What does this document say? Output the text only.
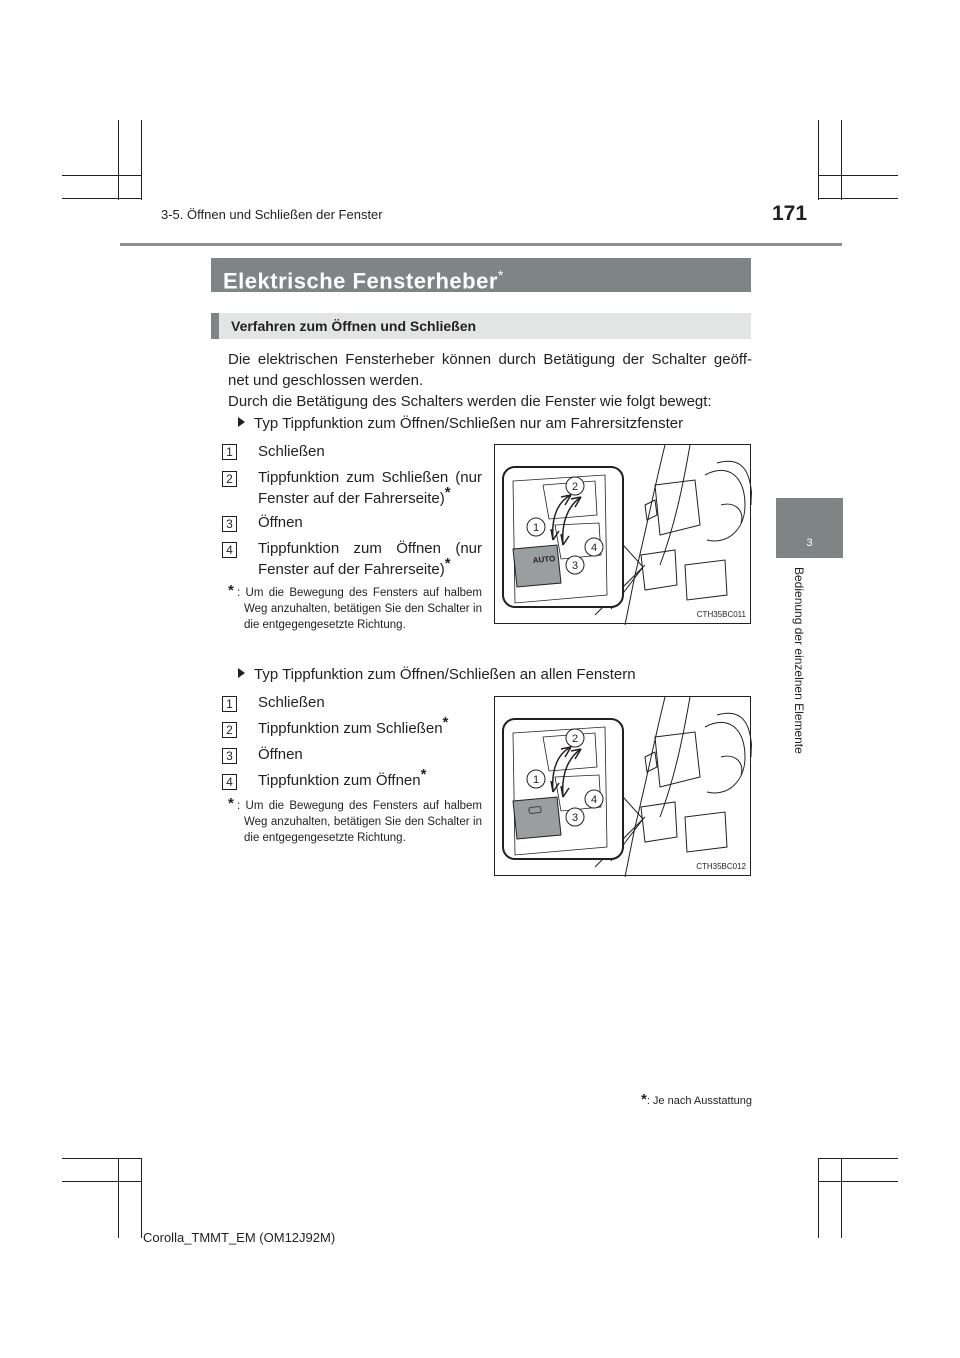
3-5. Öffnen und Schließen der Fenster	171
3
Bedienung der einzelnen Elemente
Elektrische Fensterheber*
Verfahren zum Öffnen und Schließen
Die elektrischen Fensterheber können durch Betätigung der Schalter geöff-
net und geschlossen werden.
Durch die Betätigung des Schalters werden die Fenster wie folgt bewegt:
Typ Tippfunktion zum Öffnen/Schließen nur am Fahrersitzfenster
1 Schließen
2 Tippfunktion zum Schließen (nur
Fenster auf der Fahrerseite)*
3 Öffnen
4 Tippfunktion zum Öffnen (nur
Fenster auf der Fahrerseite)*
* : Um die Bewegung des Fensters auf halbem Weg anzuhalten, betätigen Sie den Schalter in die entgegengesetzte Richtung.
AUTO
1
2
3
4
CTH35BC011
Typ Tippfunktion zum Öffnen/Schließen an allen Fenstern
1 Schließen
2 Tippfunktion zum Schließen*
3 Öffnen
4 Tippfunktion zum Öffnen*
* : Um die Bewegung des Fensters auf halbem Weg anzuhalten, betätigen Sie den Schalter in die entgegengesetzte Richtung.
1
2
3
4
CTH35BC012
*: Je nach Ausstattung
Corolla_TMMT_EM (OM12J92M)
